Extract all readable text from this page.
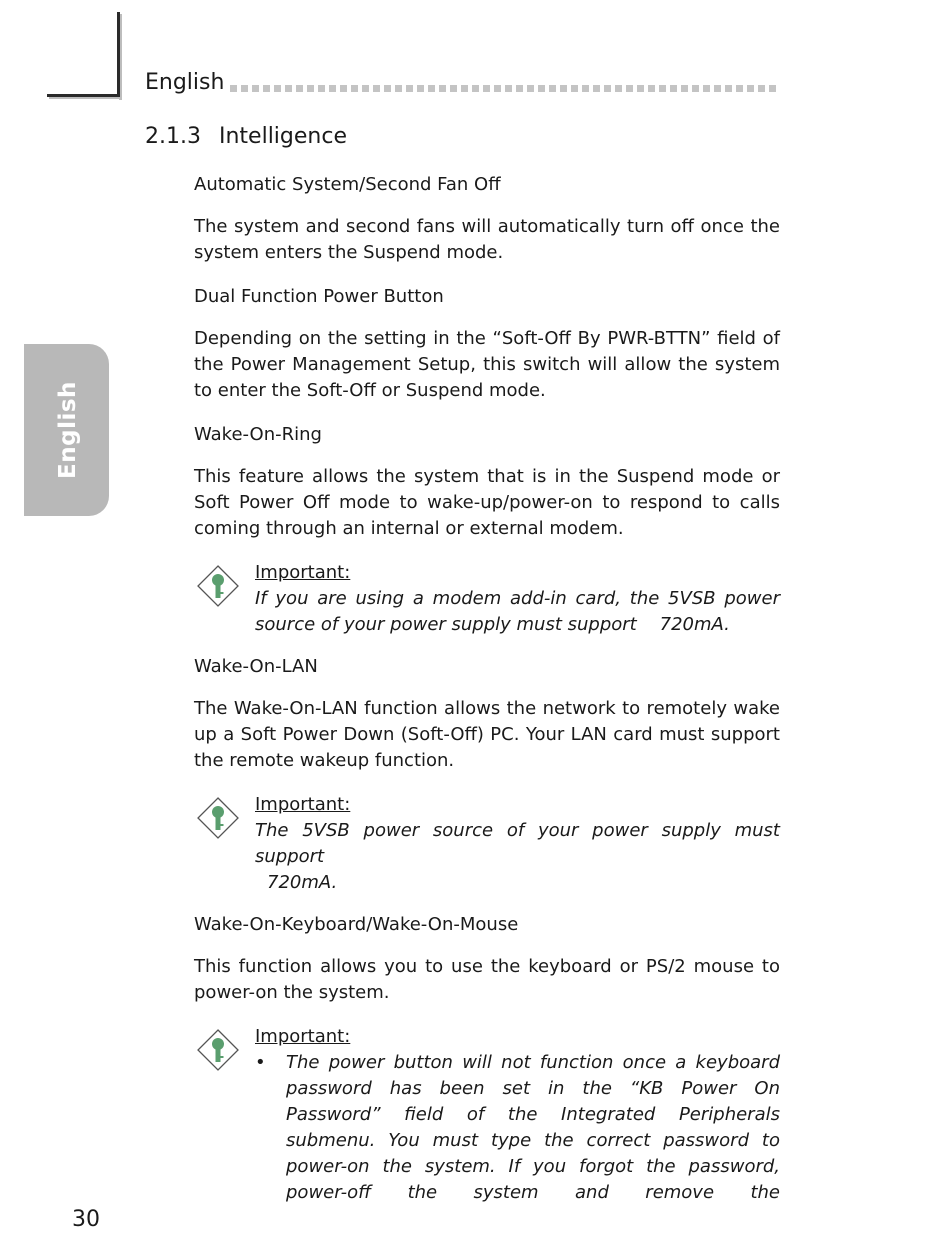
English
English
2.1.3 Intelligence
Automatic System/Second Fan Off

The system and second fans will automatically turn off once the system enters the Suspend mode.

Dual Function Power Button

Depending on the setting in the “Soft-Off By PWR-BTTN” field of the Power Management Setup, this switch will allow the system to enter the Soft-Off or Suspend mode.

Wake-On-Ring

This feature allows the system that is in the Suspend mode or Soft Power Off mode to wake-up/power-on to respond to calls coming through an internal or external modem.

Important:
If you are using a modem add-in card, the 5VSB power source of your power supply must support    720mA.
Wake-On-LAN

The Wake-On-LAN function allows the network to remotely wake up a Soft Power Down (Soft-Off) PC. Your LAN card must support the remote wakeup function.

Important:
The 5VSB power source of your power supply must support
720mA.
Wake-On-Keyboard/Wake-On-Mouse

This function allows you to use the keyboard or PS/2 mouse to power-on the system.

Important:
• The power button will not function once a keyboard password has been set in the “KB Power On Password” field of the Integrated Peripherals submenu. You must type the correct password to power-on the system. If you forgot the password, power-off the system and remove the
30
